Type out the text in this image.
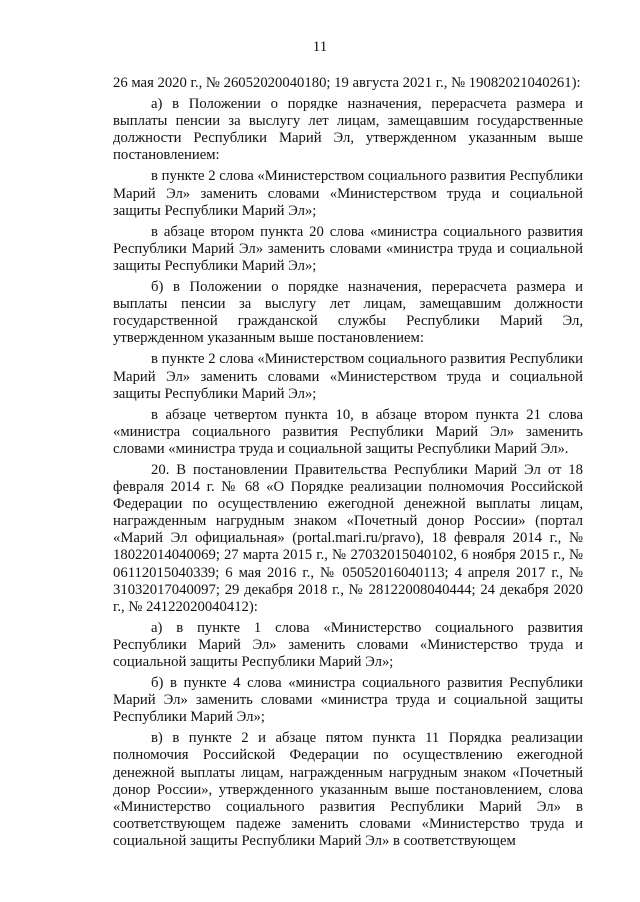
11

26 мая 2020 г., № 26052020040180; 19 августа 2021 г., № 19082021040261):

а) в Положении о порядке назначения, перерасчета размера и выплаты пенсии за выслугу лет лицам, замещавшим государственные должности Республики Марий Эл, утвержденном указанным выше постановлением:

в пункте 2 слова «Министерством социального развития Республики Марий Эл» заменить словами «Министерством труда и социальной защиты Республики Марий Эл»;

в абзаце втором пункта 20 слова «министра социального развития Республики Марий Эл» заменить словами «министра труда и социальной защиты Республики Марий Эл»;

б) в Положении о порядке назначения, перерасчета размера и выплаты пенсии за выслугу лет лицам, замещавшим должности государственной гражданской службы Республики Марий Эл, утвержденном указанным выше постановлением:

в пункте 2 слова «Министерством социального развития Республики Марий Эл» заменить словами «Министерством труда и социальной защиты Республики Марий Эл»;

в абзаце четвертом пункта 10, в абзаце втором пункта 21 слова «министра социального развития Республики Марий Эл» заменить словами «министра труда и социальной защиты Республики Марий Эл».

20. В постановлении Правительства Республики Марий Эл от 18 февраля 2014 г. № 68 «О Порядке реализации полномочия Российской Федерации по осуществлению ежегодной денежной выплаты лицам, награжденным нагрудным знаком «Почетный донор России» (портал «Марий Эл официальная» (portal.mari.ru/pravo), 18 февраля 2014 г., № 18022014040069; 27 марта 2015 г., № 27032015040102, 6 ноября 2015 г., № 06112015040339; 6 мая 2016 г., № 05052016040113; 4 апреля 2017 г., № 31032017040097; 29 декабря 2018 г., № 28122008040444; 24 декабря 2020 г., № 24122020040412):

а) в пункте 1 слова «Министерство социального развития Республики Марий Эл» заменить словами «Министерство труда и социальной защиты Республики Марий Эл»;

б) в пункте 4 слова «министра социального развития Республики Марий Эл» заменить словами «министра труда и социальной защиты Республики Марий Эл»;

в) в пункте 2 и абзаце пятом пункта 11 Порядка реализации полномочия Российской Федерации по осуществлению ежегодной денежной выплаты лицам, награжденным нагрудным знаком «Почетный донор России», утвержденного указанным выше постановлением, слова «Министерство социального развития Республики Марий Эл» в соответствующем падеже заменить словами «Министерство труда и социальной защиты Республики Марий Эл» в соответствующем
